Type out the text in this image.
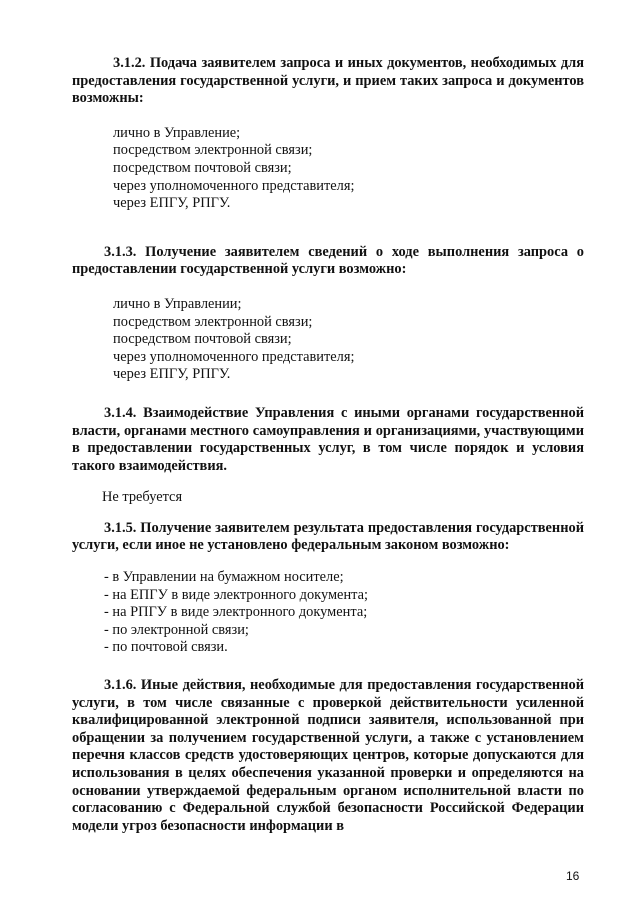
3.1.2. Подача заявителем запроса и иных документов, необходимых для предоставления государственной услуги, и прием таких запроса и документов возможны:

лично в Управление;
посредством электронной связи;
посредством почтовой связи;
через уполномоченного представителя;
через ЕПГУ, РПГУ.

3.1.3. Получение заявителем сведений о ходе выполнения запроса о предоставлении государственной услуги возможно:

лично в Управлении;
посредством электронной связи;
посредством почтовой связи;
через уполномоченного представителя;
через ЕПГУ, РПГУ.

3.1.4. Взаимодействие Управления с иными органами государственной власти, органами местного самоуправления и организациями, участвующими в предоставлении государственных услуг, в том числе порядок и условия такого взаимодействия.

Не требуется

3.1.5. Получение заявителем результата предоставления государственной услуги, если иное не установлено федеральным законом возможно:

- в Управлении на бумажном носителе;
- на ЕПГУ в виде электронного документа;
- на РПГУ в виде электронного документа;
- по электронной связи;
- по почтовой связи.

3.1.6. Иные действия, необходимые для предоставления государственной услуги, в том числе связанные с проверкой действительности усиленной квалифицированной электронной подписи заявителя, использованной при обращении за получением государственной услуги, а также с установлением перечня классов средств удостоверяющих центров, которые допускаются для использования в целях обеспечения указанной проверки и определяются на основании утверждаемой федеральным органом исполнительной власти по согласованию с Федеральной службой безопасности Российской Федерации модели угроз безопасности информации в

16
